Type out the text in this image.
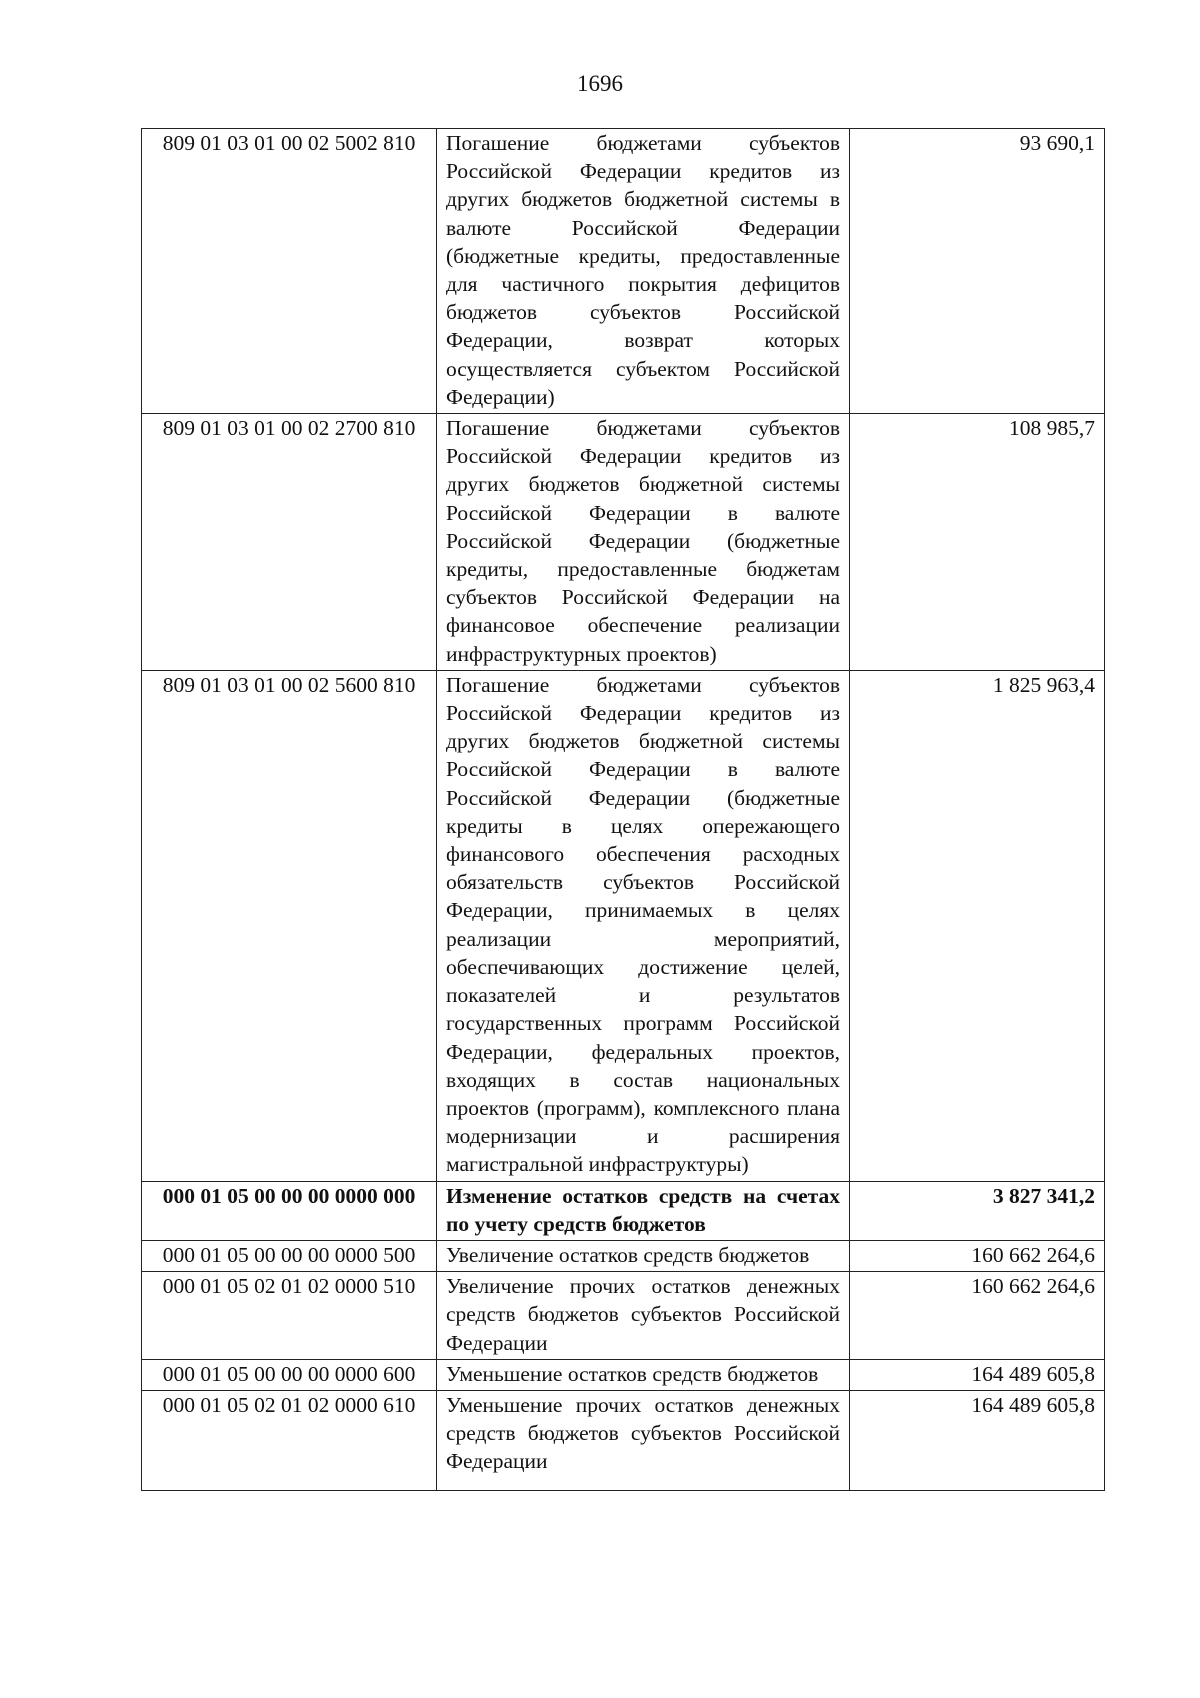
1696
809 01 03 01 00 02 5002 810	Погашение бюджетами субъектов Российской Федерации кредитов из других бюджетов бюджетной системы в валюте Российской Федерации (бюджетные кредиты, предоставленные для частичного покрытия дефицитов бюджетов субъектов Российской Федерации, возврат которых осуществляется субъектом Российской Федерации)	93 690,1
809 01 03 01 00 02 2700 810	Погашение бюджетами субъектов Российской Федерации кредитов из других бюджетов бюджетной системы Российской Федерации в валюте Российской Федерации (бюджетные кредиты, предоставленные бюджетам субъектов Российской Федерации на финансовое обеспечение реализации инфраструктурных проектов)	108 985,7
809 01 03 01 00 02 5600 810	Погашение бюджетами субъектов Российской Федерации кредитов из других бюджетов бюджетной системы Российской Федерации в валюте Российской Федерации (бюджетные кредиты в целях опережающего финансового обеспечения расходных обязательств субъектов Российской Федерации, принимаемых в целях реализации мероприятий, обеспечивающих достижение целей, показателей и результатов государственных программ Российской Федерации, федеральных проектов, входящих в состав национальных проектов (программ), комплексного плана модернизации и расширения магистральной инфраструктуры)	1 825 963,4
000 01 05 00 00 00 0000 000	Изменение остатков средств на счетах по учету средств бюджетов	3 827 341,2
000 01 05 00 00 00 0000 500	Увеличение остатков средств бюджетов	160 662 264,6
000 01 05 02 01 02 0000 510	Увеличение прочих остатков денежных средств бюджетов субъектов Российской Федерации	160 662 264,6
000 01 05 00 00 00 0000 600	Уменьшение остатков средств бюджетов	164 489 605,8
000 01 05 02 01 02 0000 610	Уменьшение прочих остатков денежных средств бюджетов субъектов Российской Федерации	164 489 605,8
